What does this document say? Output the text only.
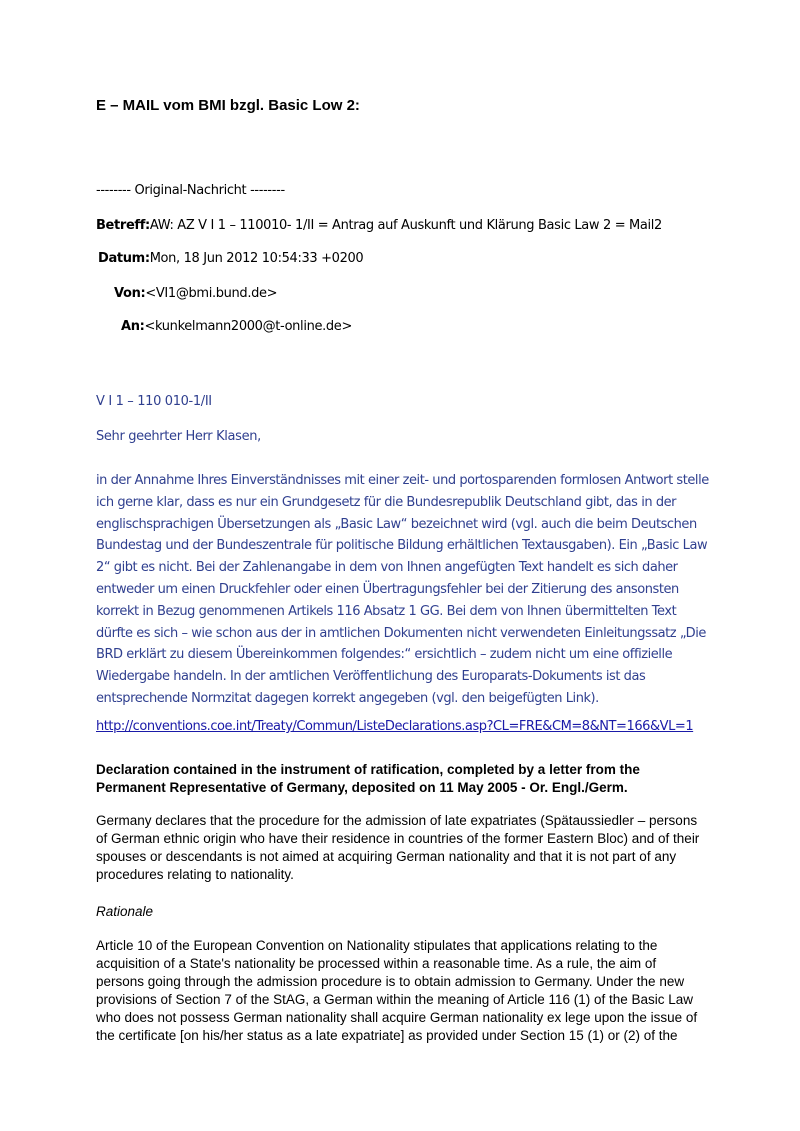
E – MAIL vom BMI bzgl. Basic Low 2:
-------- Original-Nachricht --------
Betreff:AW: AZ V I 1 – 110010- 1/II = Antrag auf Auskunft und Klärung Basic Law 2 = Mail2
Datum:Mon, 18 Jun 2012 10:54:33 +0200
Von:<VI1@bmi.bund.de>
An:<kunkelmann2000@t-online.de>
V I 1 – 110 010-1/II
Sehr geehrter Herr Klasen,
in der Annahme Ihres Einverständnisses mit einer zeit- und portosparenden formlosen Antwort stelle
ich gerne klar, dass es nur ein Grundgesetz für die Bundesrepublik Deutschland gibt, das in der
englischsprachigen Übersetzungen als „Basic Law“ bezeichnet wird (vgl. auch die beim Deutschen
Bundestag und der Bundeszentrale für politische Bildung erhältlichen Textausgaben). Ein „Basic Law
2“ gibt es nicht. Bei der Zahlenangabe in dem von Ihnen angefügten Text handelt es sich daher
entweder um einen Druckfehler oder einen Übertragungsfehler bei der Zitierung des ansonsten
korrekt in Bezug genommenen Artikels 116 Absatz 1 GG. Bei dem von Ihnen übermittelten Text
dürfte es sich – wie schon aus der in amtlichen Dokumenten nicht verwendeten Einleitungssatz „Die
BRD erklärt zu diesem Übereinkommen folgendes:“ ersichtlich – zudem nicht um eine offizielle
Wiedergabe handeln. In der amtlichen Veröffentlichung des Europarats-Dokuments ist das
entsprechende Normzitat dagegen korrekt angegeben (vgl. den beigefügten Link).
http://conventions.coe.int/Treaty/Commun/ListeDeclarations.asp?CL=FRE&CM=8&NT=166&VL=1
Declaration contained in the instrument of ratification, completed by a letter from the
Permanent Representative of Germany, deposited on 11 May 2005 - Or. Engl./Germ.
Germany declares that the procedure for the admission of late expatriates (Spätaussiedler – persons
of German ethnic origin who have their residence in countries of the former Eastern Bloc) and of their
spouses or descendants is not aimed at acquiring German nationality and that it is not part of any
procedures relating to nationality.
Rationale
Article 10 of the European Convention on Nationality stipulates that applications relating to the
acquisition of a State's nationality be processed within a reasonable time. As a rule, the aim of
persons going through the admission procedure is to obtain admission to Germany. Under the new
provisions of Section 7 of the StAG, a German within the meaning of Article 116 (1) of the Basic Law
who does not possess German nationality shall acquire German nationality ex lege upon the issue of
the certificate [on his/her status as a late expatriate] as provided under Section 15 (1) or (2) of the
